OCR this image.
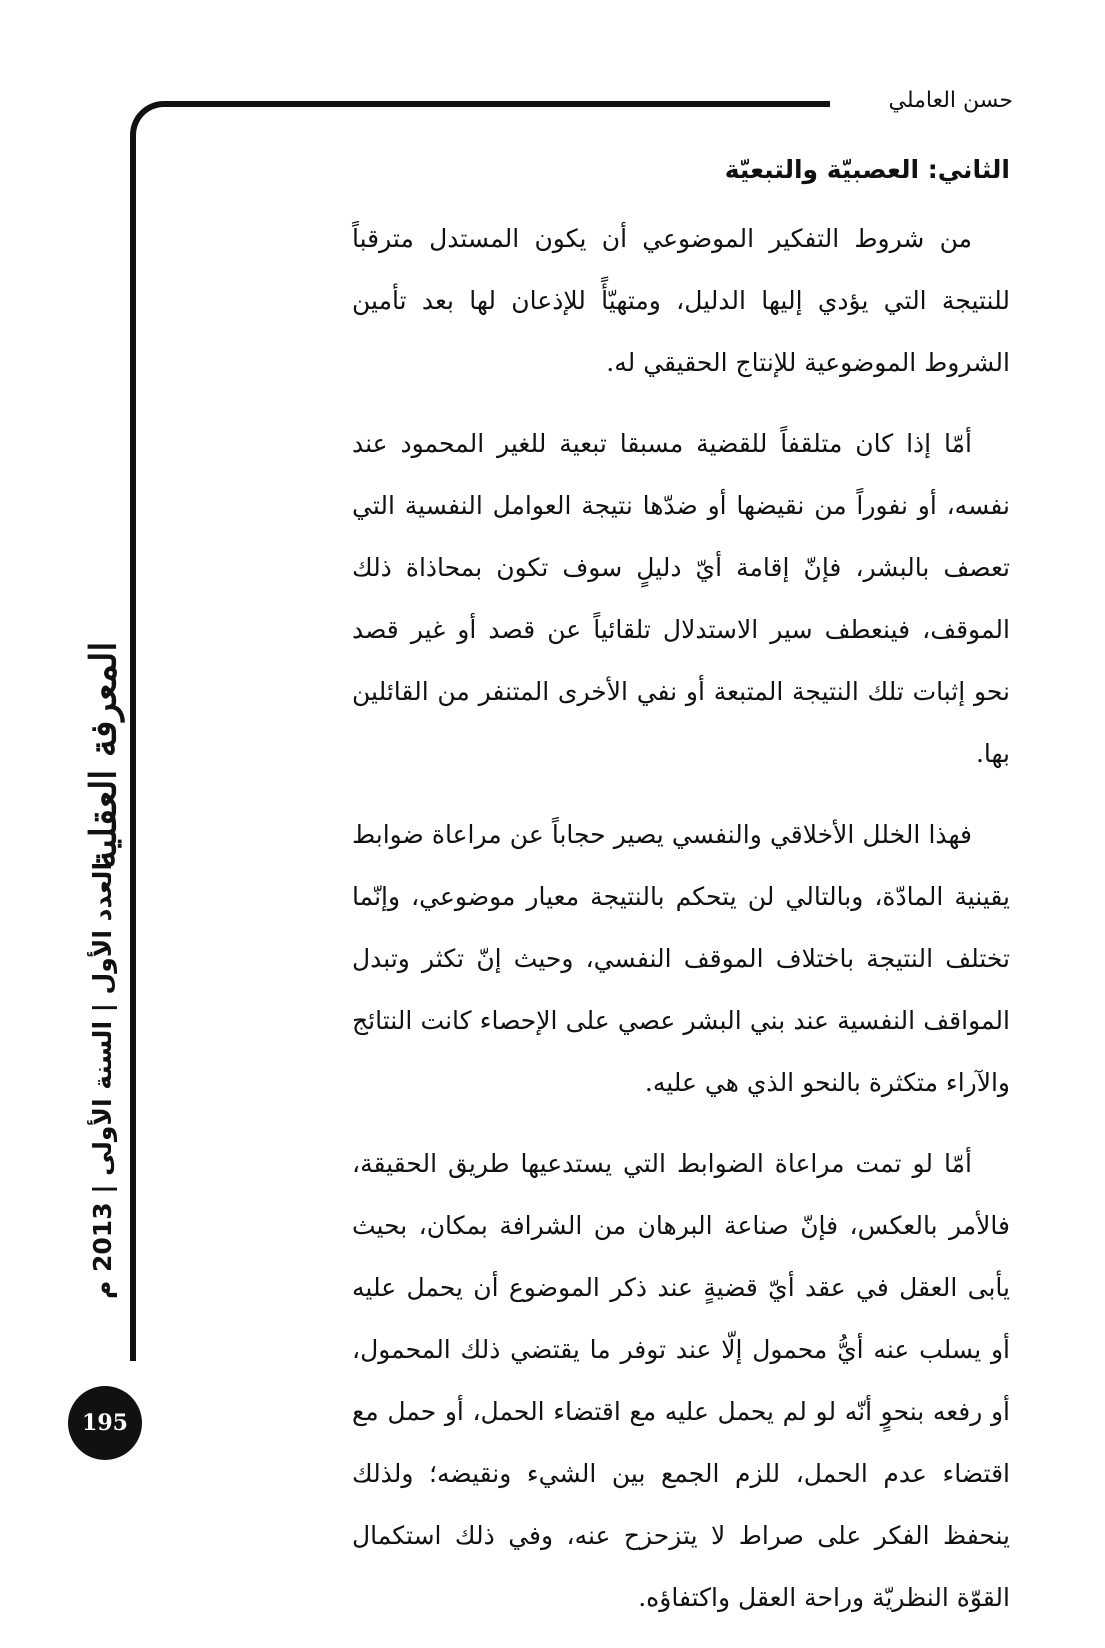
حسن العاملي
الثاني: العصبيّة والتبعيّة

من شروط التفكير الموضوعي أن يكون المستدل مترقباً للنتيجة التي يؤدي إليها الدليل، ومتهيّأً للإذعان لها بعد تأمين الشروط الموضوعية للإنتاج الحقيقي له.

أمّا إذا كان متلقفاً للقضية مسبقا تبعية للغير المحمود عند نفسه، أو نفوراً من نقيضها أو ضدّها نتيجة العوامل النفسية التي تعصف بالبشر، فإنّ إقامة أيّ دليلٍ سوف تكون بمحاذاة ذلك الموقف، فينعطف سير الاستدلال تلقائياً عن قصد أو غير قصد نحو إثبات تلك النتيجة المتبعة أو نفي الأخرى المتنفر من القائلين بها.

فهذا الخلل الأخلاقي والنفسي يصير حجاباً عن مراعاة ضوابط يقينية المادّة، وبالتالي لن يتحكم بالنتيجة معيار موضوعي، وإنّما تختلف النتيجة باختلاف الموقف النفسي، وحيث إنّ تكثر وتبدل المواقف النفسية عند بني البشر عصي على الإحصاء كانت النتائج والآراء متكثرة بالنحو الذي هي عليه.

أمّا لو تمت مراعاة الضوابط التي يستدعيها طريق الحقيقة، فالأمر بالعكس، فإنّ صناعة البرهان من الشرافة بمكان، بحيث يأبى العقل في عقد أيّ قضيةٍ عند ذكر الموضوع أن يحمل عليه أو يسلب عنه أيُّ محمول إلّا عند توفر ما يقتضي ذلك المحمول، أو رفعه بنحوٍ أنّه لو لم يحمل عليه مع اقتضاء الحمل، أو حمل مع اقتضاء عدم الحمل، للزم الجمع بين الشيء ونقيضه؛ ولذلك ينحفظ الفكر على صراط لا يتزحزح عنه، وفي ذلك استكمال القوّة النظريّة وراحة العقل واكتفاؤه.

المعرفة العقلية
العدد الأول | السنة الأولى | 2013 م
195
